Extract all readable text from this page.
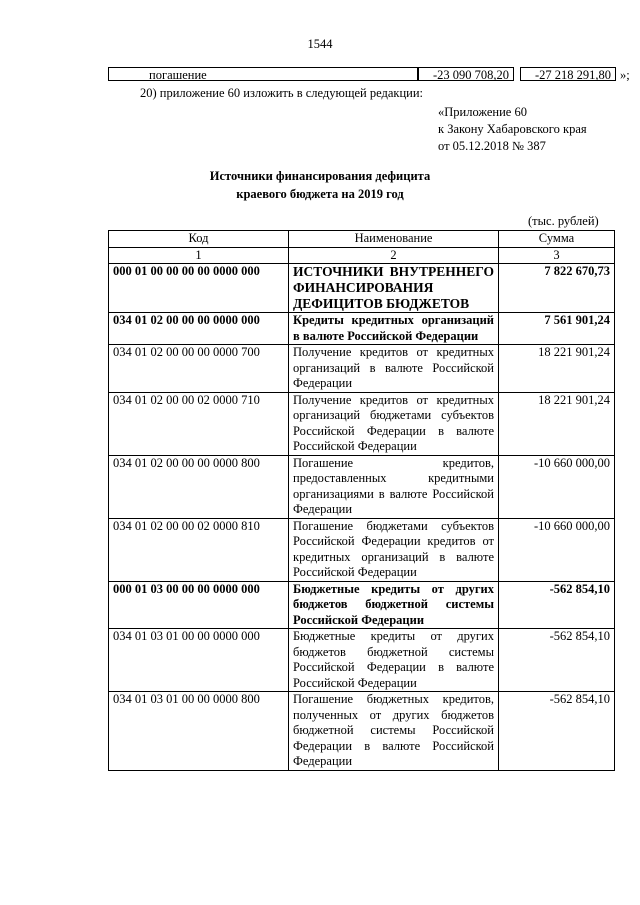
1544
погашение	-23 090 708,20	-27 218 291,80 »;
20) приложение 60 изложить в следующей редакции:
«Приложение 60
к Закону Хабаровского края
от 05.12.2018 № 387
Источники финансирования дефицита
краевого бюджета на 2019 год
(тыс. рублей)
Код	Наименование	Сумма
1	2	3
000 01 00 00 00 00 0000 000	ИСТОЧНИКИ ВНУТРЕННЕГО ФИНАНСИРОВАНИЯ ДЕФИЦИТОВ БЮДЖЕТОВ	7 822 670,73
034 01 02 00 00 00 0000 000	Кредиты кредитных организаций в валюте Российской Федерации	7 561 901,24
034 01 02 00 00 00 0000 700	Получение кредитов от кредитных организаций в валюте Российской Федерации	18 221 901,24
034 01 02 00 00 02 0000 710	Получение кредитов от кредитных организаций бюджетами субъектов Российской Федерации в валюте Российской Федерации	18 221 901,24
034 01 02 00 00 00 0000 800	Погашение кредитов, предоставленных кредитными организациями в валюте Российской Федерации	-10 660 000,00
034 01 02 00 00 02 0000 810	Погашение бюджетами субъектов Российской Федерации кредитов от кредитных организаций в валюте Российской Федерации	-10 660 000,00
000 01 03 00 00 00 0000 000	Бюджетные кредиты от других бюджетов бюджетной системы Российской Федерации	-562 854,10
034 01 03 01 00 00 0000 000	Бюджетные кредиты от других бюджетов бюджетной системы Российской Федерации в валюте Российской Федерации	-562 854,10
034 01 03 01 00 00 0000 800	Погашение бюджетных кредитов, полученных от других бюджетов бюджетной системы Российской Федерации в валюте Российской Федерации	-562 854,10
